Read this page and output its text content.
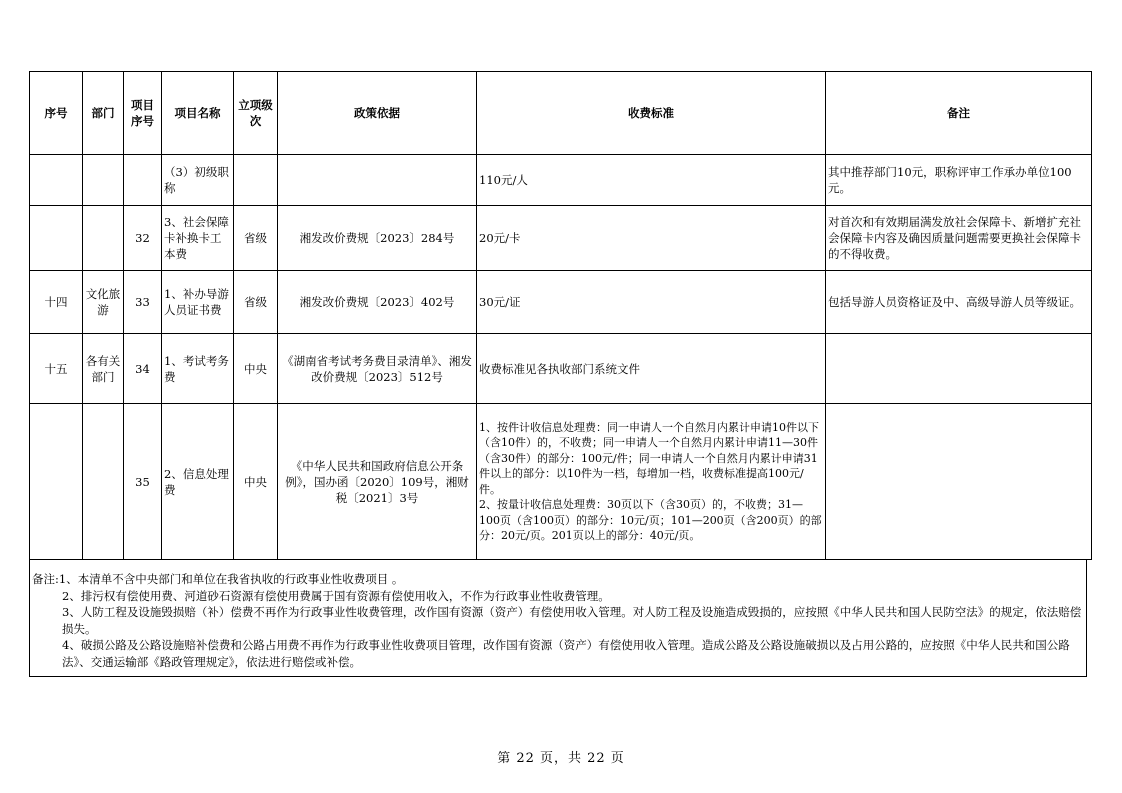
序号	部门	项目序号	项目名称	立项级次	政策依据	收费标准	备注
			（3）初级职称			110元/人	其中推荐部门10元，职称评审工作承办单位100元。
		32	3、社会保障卡补换卡工本费	省级	湘发改价费规〔2023〕284号	20元/卡	对首次和有效期届满发放社会保障卡、新增扩充社会保障卡内容及确因质量问题需要更换社会保障卡的不得收费。
十四	文化旅游	33	1、补办导游人员证书费	省级	湘发改价费规〔2023〕402号	30元/证	包括导游人员资格证及中、高级导游人员等级证。
十五	各有关部门	34	1、考试考务费	中央	《湖南省考试考务费目录清单》、湘发改价费规〔2023〕512号	收费标准见各执收部门系统文件	
		35	2、信息处理费	中央	《中华人民共和国政府信息公开条例》，国办函〔2020〕109号，湘财税〔2021〕3号	1、按件计收信息处理费：同一申请人一个自然月内累计申请10件以下（含10件）的，不收费；同一申请人一个自然月内累计申请11—30件（含30件）的部分：100元/件；同一申请人一个自然月内累计申请31件以上的部分：以10件为一档，每增加一档，收费标准提高100元/件。
2、按量计收信息处理费：30页以下（含30页）的，不收费；31—100页（含100页）的部分：10元/页；101—200页（含200页）的部分：20元/页。201页以上的部分：40元/页。	

备注:1、本清单不含中央部门和单位在我省执收的行政事业性收费项目 。

2、排污权有偿使用费、河道砂石资源有偿使用费属于国有资源有偿使用收入，不作为行政事业性收费管理。

3、人防工程及设施毁损赔（补）偿费不再作为行政事业性收费管理，改作国有资源（资产）有偿使用收入管理。对人防工程及设施造成毁损的，应按照《中华人民共和国人民防空法》的规定，依法赔偿损失。

4、破损公路及公路设施赔补偿费和公路占用费不再作为行政事业性收费项目管理，改作国有资源（资产）有偿使用收入管理。造成公路及公路设施破损以及占用公路的，应按照《中华人民共和国公路法》、交通运输部《路政管理规定》，依法进行赔偿或补偿。

第 22 页，共 22 页
